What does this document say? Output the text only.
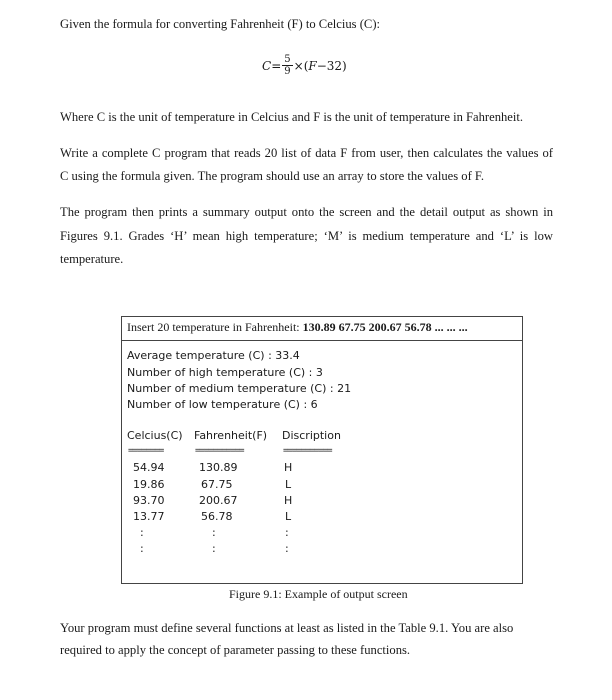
Given the formula for converting Fahrenheit (F) to Celcius (C):
$C = \frac{5}{9}$ × ( F −32 )
Where C is the unit of temperature in Celcius and F is the unit of temperature in Fahrenheit.
Write a complete C program that reads 20 list of data F from user, then calculates the values of
C using the formula given. The program should use an array to store the values of F.
The program then prints a summary output onto the screen and the detail output as shown in
Figures 9.1. Grades ‘H’ mean high temperature; ‘M’ is medium temperature and ‘L’ is low
temperature.
Insert 20 temperature in Fahrenheit: 130.89 67.75 200.67 56.78 ... ... ...
Average temperature (C) : 33.4
Number of high temperature (C) : 3
Number of medium temperature (C) : 21
Number of low temperature (C) : 6
Celcius(C) Fahrenheit(F) Discription
========	===========	===========
54.94	130.89	H
19.86	67.75	L
93.70	200.67	H
13.77	56.78	L
:	:	:
:	:	:
Figure 9.1: Example of output screen
Your program must define several functions at least as listed in the Table 9.1. You are also
required to apply the concept of parameter passing to these functions.
